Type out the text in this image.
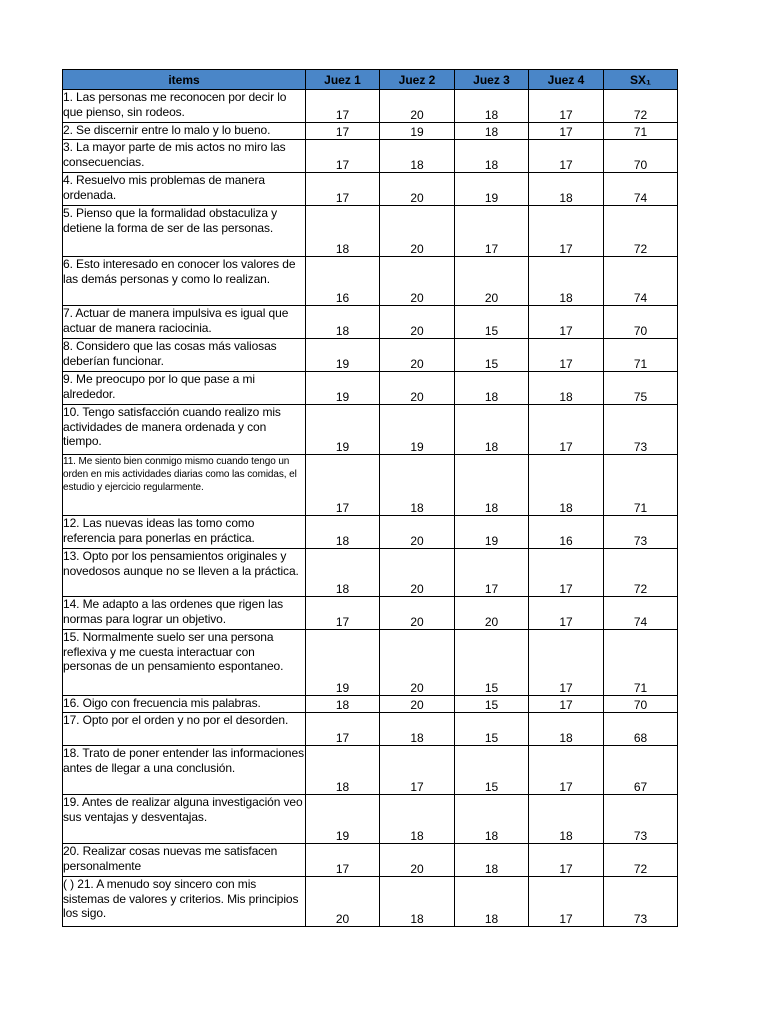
items	Juez 1	Juez 2	Juez 3	Juez 4	SX₁
1. Las personas me reconocen por decir lo que pienso, sin rodeos.	17	20	18	17	72
2. Se discernir entre lo malo y lo bueno.	17	19	18	17	71
3. La mayor parte de mis actos no miro las consecuencias.	17	18	18	17	70
4. Resuelvo mis problemas de manera ordenada.	17	20	19	18	74
5. Pienso que la formalidad obstaculiza y detiene la forma de ser de las personas.	18	20	17	17	72
6. Esto interesado en conocer los valores de las demás personas y como lo realizan.	16	20	20	18	74
7. Actuar de manera impulsiva es igual que actuar de manera raciocinia.	18	20	15	17	70
8. Considero que las cosas más valiosas deberían funcionar.	19	20	15	17	71
9. Me preocupo por lo que pase a mi alrededor.	19	20	18	18	75
10. Tengo satisfacción cuando realizo mis actividades de manera ordenada y con tiempo.	19	19	18	17	73
11. Me siento bien conmigo mismo cuando tengo un orden en mis actividades diarias como las comidas, el estudio y ejercicio regularmente.	17	18	18	18	71
12. Las nuevas ideas las tomo como referencia para ponerlas en práctica.	18	20	19	16	73
13. Opto por los pensamientos originales y novedosos aunque no se lleven a la práctica.	18	20	17	17	72
14. Me adapto a las ordenes que rigen las normas para lograr un objetivo.	17	20	20	17	74
15. Normalmente suelo ser una persona reflexiva y me cuesta interactuar con personas de un pensamiento espontaneo.	19	20	15	17	71
16. Oigo con frecuencia mis palabras.	18	20	15	17	70
17. Opto por el orden y no por el desorden.	17	18	15	18	68
18. Trato de poner entender las informaciones antes de llegar a una conclusión.	18	17	15	17	67
19. Antes de realizar alguna investigación veo sus ventajas y desventajas.	19	18	18	18	73
20. Realizar cosas nuevas me satisfacen personalmente	17	20	18	17	72
( ) 21. A menudo soy sincero con mis sistemas de valores y criterios. Mis principios los sigo.	20	18	18	17	73
